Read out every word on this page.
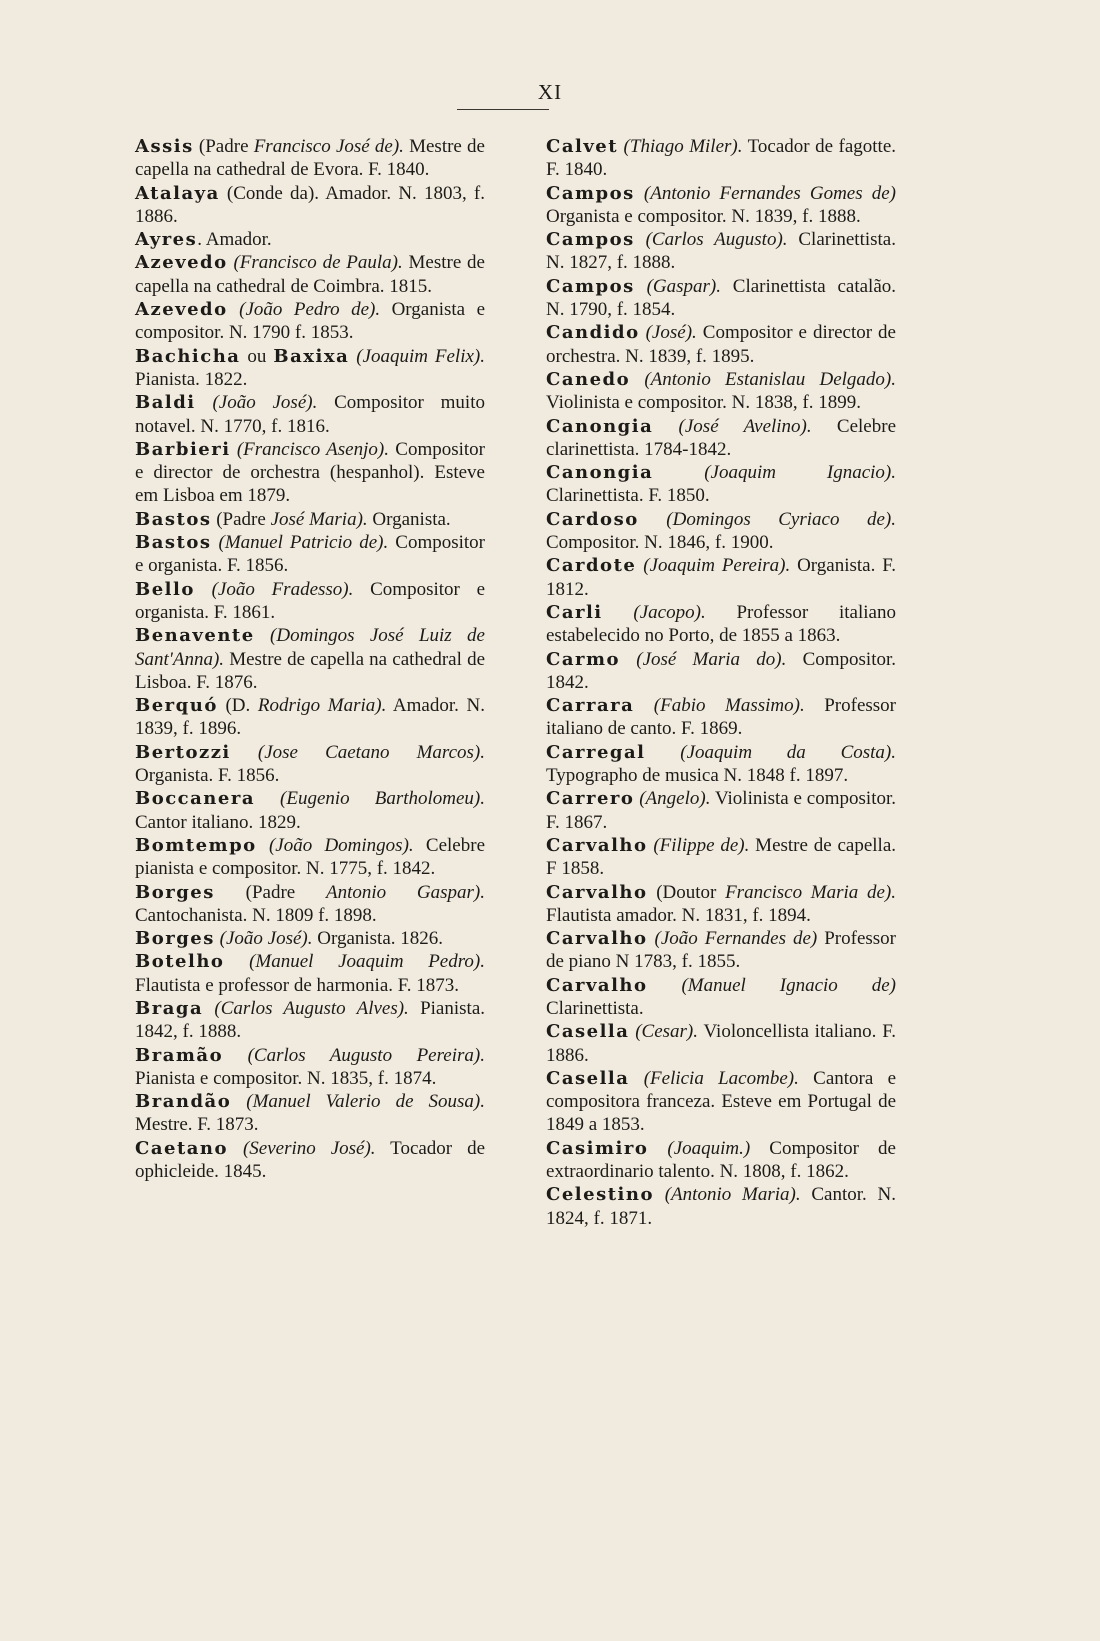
XI
Assis (Padre Francisco José de). Mestre de capella na cathedral de Evora. F. 1840.
Atalaya (Conde da). Amador. N. 1803, f. 1886.
Ayres. Amador.
Azevedo (Francisco de Paula). Mestre de capella na cathedral de Coimbra. 1815.
Azevedo (João Pedro de). Organista e compositor. N. 1790 f. 1853.
Bachicha ou Baxixa (Joaquim Felix). Pianista. 1822.
Baldi (João José). Compositor muito notavel. N. 1770, f. 1816.
Barbieri (Francisco Asenjo). Compositor e director de orchestra (hespanhol). Esteve em Lisboa em 1879.
Bastos (Padre José Maria). Organista.
Bastos (Manuel Patricio de). Compositor e organista. F. 1856.
Bello (João Fradesso). Compositor e organista. F. 1861.
Benavente (Domingos José Luiz de Sant'Anna). Mestre de capella na cathedral de Lisboa. F. 1876.
Berquó (D. Rodrigo Maria). Amador. N. 1839, f. 1896.
Bertozzi (Jose Caetano Marcos). Organista. F. 1856.
Boccanera (Eugenio Bartholomeu). Cantor italiano. 1829.
Bomtempo (João Domingos). Celebre pianista e compositor. N. 1775, f. 1842.
Borges (Padre Antonio Gaspar). Cantochanista. N. 1809 f. 1898.
Borges (João José). Organista. 1826.
Botelho (Manuel Joaquim Pedro). Flautista e professor de harmonia. F. 1873.
Braga (Carlos Augusto Alves). Pianista. 1842, f. 1888.
Bramão (Carlos Augusto Pereira). Pianista e compositor. N. 1835, f. 1874.
Brandão (Manuel Valerio de Sousa). Mestre. F. 1873.
Caetano (Severino José). Tocador de ophicleide. 1845.
Calvet (Thiago Miler). Tocador de fagotte. F. 1840.
Campos (Antonio Fernandes Gomes de) Organista e compositor. N. 1839, f. 1888.
Campos (Carlos Augusto). Clarinettista. N. 1827, f. 1888.
Campos (Gaspar). Clarinettista catalão. N. 1790, f. 1854.
Candido (José). Compositor e director de orchestra. N. 1839, f. 1895.
Canedo (Antonio Estanislau Delgado). Violinista e compositor. N. 1838, f. 1899.
Canongia (José Avelino). Celebre clarinettista. 1784-1842.
Canongia	(Joaquim Ignacio). Clarinettista. F. 1850.
Cardoso (Domingos Cyriaco de). Compositor. N. 1846, f. 1900.
Cardote (Joaquim Pereira). Organista. F. 1812.
Carli (Jacopo). Professor italiano estabelecido no Porto, de 1855 a 1863.
Carmo (José Maria do). Compositor. 1842.
Carrara (Fabio Massimo). Professor italiano de canto. F. 1869.
Carregal (Joaquim da Costa). Typographo de musica N. 1848 f. 1897.
Carrero (Angelo). Violinista e compositor. F. 1867.
Carvalho (Filippe de). Mestre de capella. F 1858.
Carvalho (Doutor Francisco Maria de). Flautista amador. N. 1831, f. 1894.
Carvalho (João Fernandes de) Professor de piano N 1783, f. 1855.
Carvalho (Manuel Ignacio de) Clarinettista.
Casella (Cesar). Violoncellista italiano. F. 1886.
Casella (Felicia Lacombe). Cantora e compositora franceza. Esteve em Portugal de 1849 a 1853.
Casimiro (Joaquim.) Compositor de extraordinario talento. N. 1808, f. 1862.
Celestino (Antonio Maria). Cantor. N. 1824, f. 1871.
